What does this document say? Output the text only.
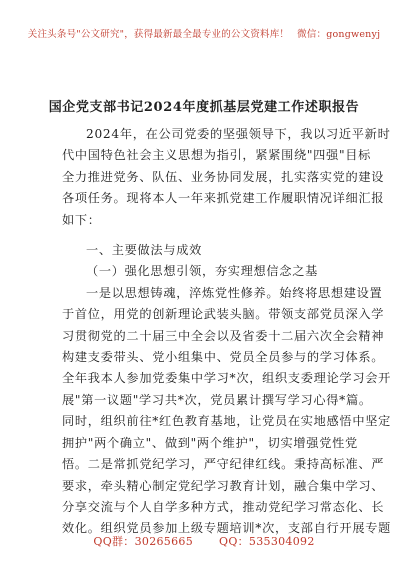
关注头条号"公文研究"，获得最新最全最专业的公文资料库！ 微信：gongwenyj
国企党支部书记2024年度抓基层党建工作述职报告
2024年，在公司党委的坚强领导下，我以习近平新时
代中国特色社会主义思想为指引，紧紧围绕"四强"目标
全力推进党务、队伍、业务协同发展，扎实落实党的建设
各项任务。现将本人一年来抓党建工作履职情况详细汇报
如下：
一、主要做法与成效
（一）强化思想引领，夯实理想信念之基
一是以思想铸魂，淬炼党性修养。始终将思想建设置
于首位，用党的创新理论武装头脑。带领支部党员深入学
习贯彻党的二十届三中全会以及省委十二届六次全会精神
构建支委带头、党小组集中、党员全员参与的学习体系。
全年我本人参加党委集中学习*次，组织支委理论学习会开
展"第一议题"学习共*次，党员累计撰写学习心得*篇。
同时，组织前往*红色教育基地，让党员在实地感悟中坚定
拥护"两个确立"、做到"两个维护"，切实增强党性党
悟。二是常抓党纪学习，严守纪律红线。秉持高标准、严
要求，牵头精心制定党纪学习教育计划，融合集中学习、
分享交流与个人自学多种方式，推动党纪学习常态化、长
效化。组织党员参加上级专题培训*次，支部自行开展专题
QQ群：30265665 QQ：535304092
